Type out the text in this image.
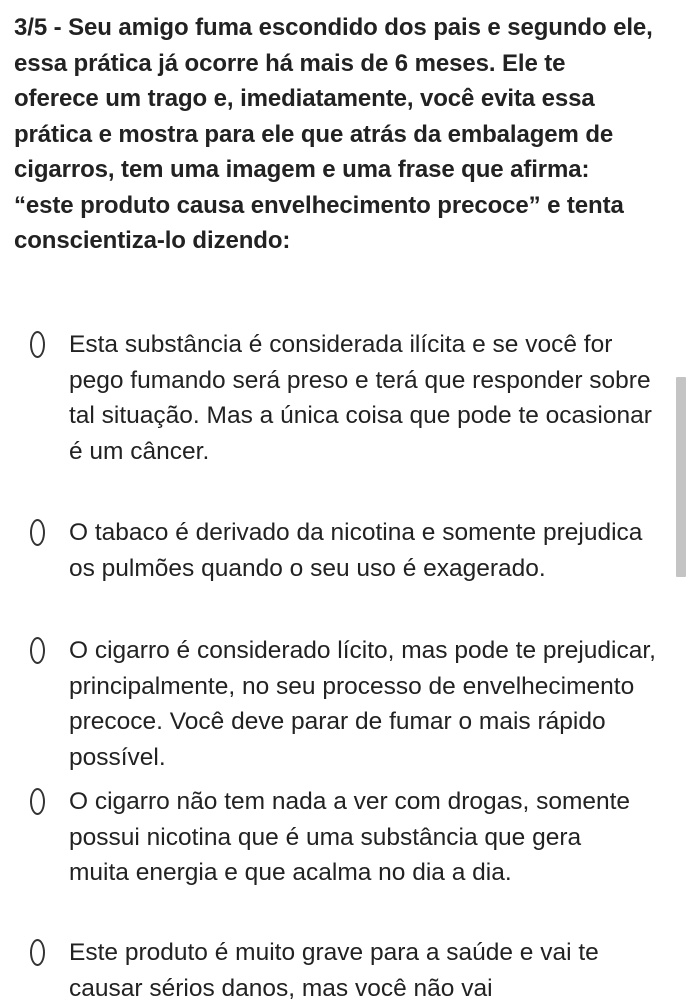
3/5 - Seu amigo fuma escondido dos pais e segundo ele, essa prática já ocorre há mais de 6 meses. Ele te oferece um trago e, imediatamente, você evita essa prática e mostra para ele que atrás da embalagem de cigarros, tem uma imagem e uma frase que afirma: “este produto causa envelhecimento precoce” e tenta conscientiza-lo dizendo:

Esta substância é considerada ilícita e se você for pego fumando será preso e terá que responder sobre tal situação. Mas a única coisa que pode te ocasionar é um câncer.
O tabaco é derivado da nicotina e somente prejudica os pulmões quando o seu uso é exagerado.
O cigarro é considerado lícito, mas pode te prejudicar, principalmente, no seu processo de envelhecimento precoce. Você deve parar de fumar o mais rápido possível.
O cigarro não tem nada a ver com drogas, somente possui nicotina que é uma substância que gera muita energia e que acalma no dia a dia.
Este produto é muito grave para a saúde e vai te causar sérios danos, mas você não vai
